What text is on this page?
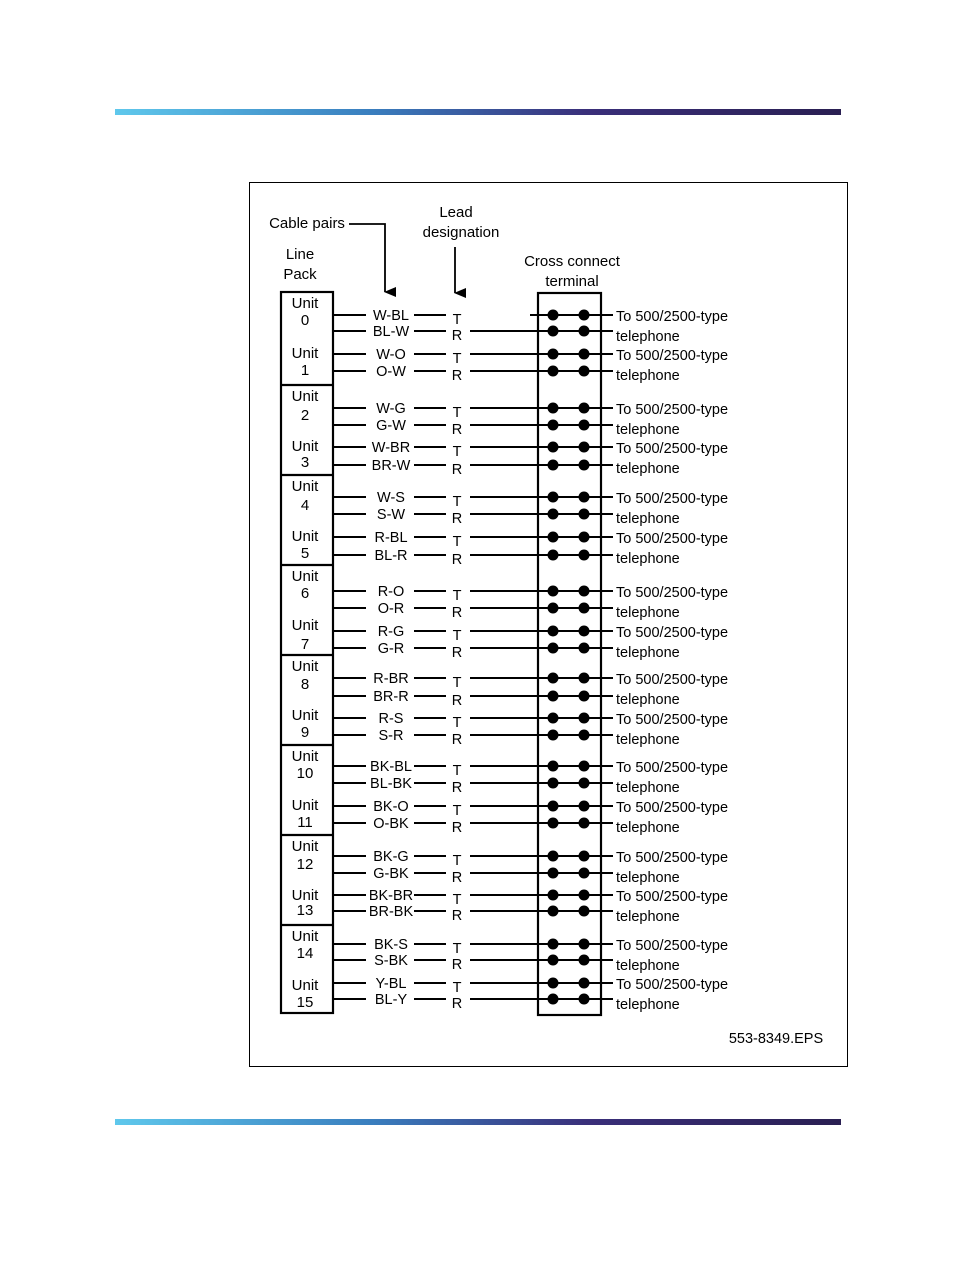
Cable pairs
Lead
designation
Line
Pack
Cross connect
terminal
Unit
0	W-BL	T
BL-W	R
To 500/2500-type
telephone
Unit
1
W-O	T
O-W	R
To 500/2500-type
telephone
Unit
2	W-G	T
G-W	R
To 500/2500-type
telephone
Unit
3
W-BR	T
BR-W	R
To 500/2500-type
telephone
Unit
4	W-S	T
S-W	R
To 500/2500-type
telephone
Unit
5
R-BL	T
BL-R	R
To 500/2500-type
telephone
Unit
6	R-O	T
O-R	R
To 500/2500-type
telephone
Unit
7
R-G	T
G-R	R
To 500/2500-type
telephone
Unit
8	R-BR	T
BR-R	R
To 500/2500-type
telephone
Unit
9
R-S	T
S-R	R
To 500/2500-type
telephone
Unit
10	BK-BL	T
BL-BK	R
To 500/2500-type
telephone
Unit
11
BK-O	T
O-BK	R
To 500/2500-type
telephone
Unit
12	BK-G	T
G-BK	R
To 500/2500-type
telephone
Unit
13
BK-BR	T
BR-BK	R
To 500/2500-type
telephone
Unit
14	BK-S	T
S-BK	R
To 500/2500-type
telephone
Unit
15
Y-BL	T
BL-Y	R
To 500/2500-type
telephone
553-8349.EPS
